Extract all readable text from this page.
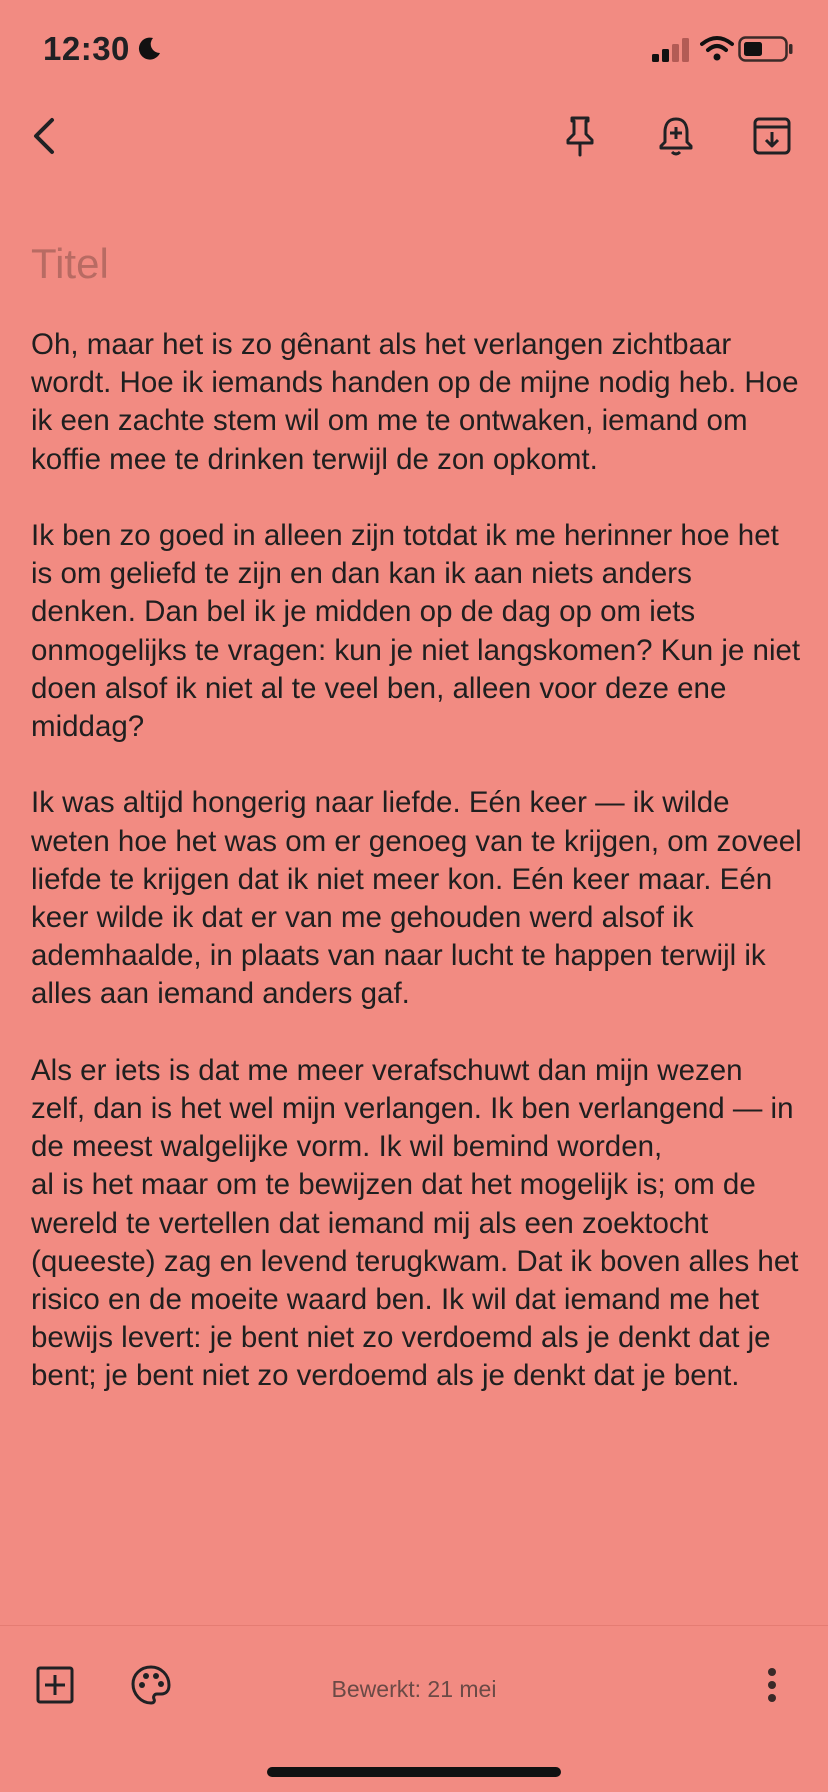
12:30
Titel

Oh, maar het is zo gênant als het verlangen zichtbaar wordt. Hoe ik iemands handen op de mijne nodig heb. Hoe ik een zachte stem wil om me te ontwaken, iemand om koffie mee te drinken terwijl de zon opkomt.

Ik ben zo goed in alleen zijn totdat ik me herinner hoe het is om geliefd te zijn en dan kan ik aan niets anders denken. Dan bel ik je midden op de dag op om iets onmogelijks te vragen: kun je niet langskomen? Kun je niet doen alsof ik niet al te veel ben, alleen voor deze ene middag?

Ik was altijd hongerig naar liefde. Eén keer — ik wilde weten hoe het was om er genoeg van te krijgen, om zoveel liefde te krijgen dat ik niet meer kon. Eén keer maar. Eén keer wilde ik dat er van me gehouden werd alsof ik ademhaalde, in plaats van naar lucht te happen terwijl ik alles aan iemand anders gaf.

Als er iets is dat me meer verafschuwt dan mijn wezen zelf, dan is het wel mijn verlangen. Ik ben verlangend — in de meest walgelijke vorm. Ik wil bemind worden,
al is het maar om te bewijzen dat het mogelijk is; om de wereld te vertellen dat iemand mij als een zoektocht (queeste) zag en levend terugkwam. Dat ik boven alles het risico en de moeite waard ben. Ik wil dat iemand me het bewijs levert: je bent niet zo verdoemd als je denkt dat je bent; je bent niet zo verdoemd als je denkt dat je bent.

Bewerkt: 21 mei
